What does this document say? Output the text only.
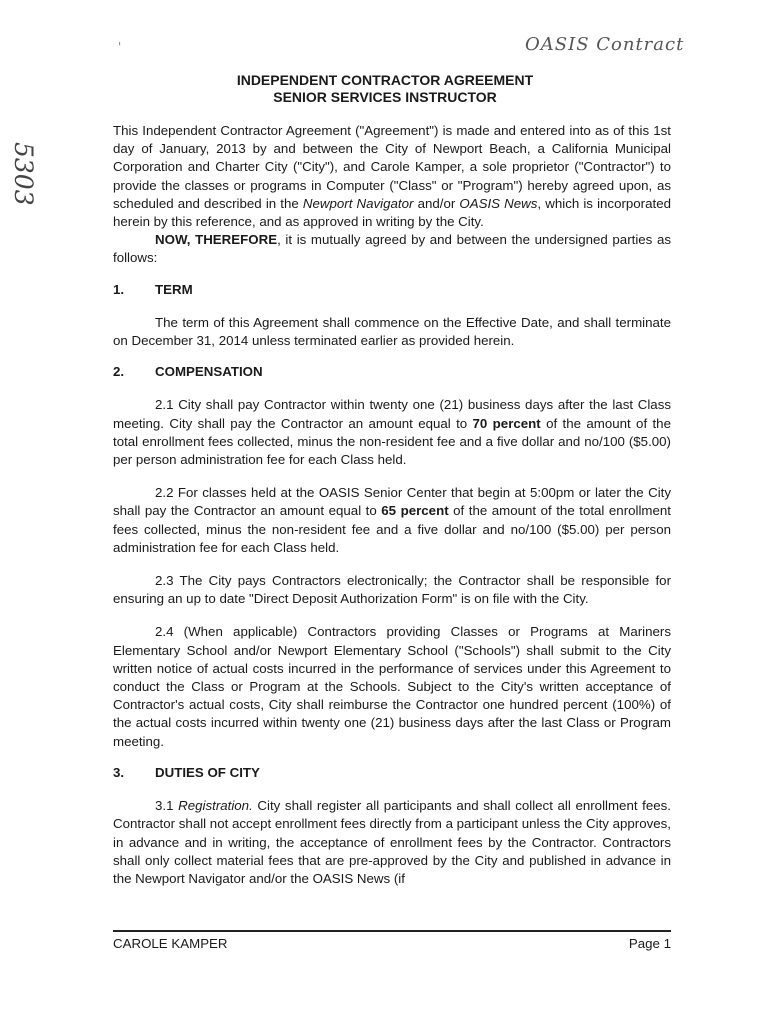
'	OASIS Contract
5303
INDEPENDENT CONTRACTOR AGREEMENT
SENIOR SERVICES INSTRUCTOR

This Independent Contractor Agreement ("Agreement") is made and entered into as of this 1st day of January, 2013 by and between the City of Newport Beach, a California Municipal Corporation and Charter City ("City"), and Carole Kamper, a sole proprietor ("Contractor") to provide the classes or programs in Computer ("Class" or "Program") hereby agreed upon, as scheduled and described in the Newport Navigator and/or OASIS News, which is incorporated herein by this reference, and as approved in writing by the City.

NOW, THEREFORE, it is mutually agreed by and between the undersigned parties as follows:

1.	TERM

The term of this Agreement shall commence on the Effective Date, and shall terminate on December 31, 2014 unless terminated earlier as provided herein.

2.	COMPENSATION

2.1 City shall pay Contractor within twenty one (21) business days after the last Class meeting. City shall pay the Contractor an amount equal to 70 percent of the amount of the total enrollment fees collected, minus the non-resident fee and a five dollar and no/100 ($5.00) per person administration fee for each Class held.

2.2 For classes held at the OASIS Senior Center that begin at 5:00pm or later the City shall pay the Contractor an amount equal to 65 percent of the amount of the total enrollment fees collected, minus the non-resident fee and a five dollar and no/100 ($5.00) per person administration fee for each Class held.

2.3 The City pays Contractors electronically; the Contractor shall be responsible for ensuring an up to date "Direct Deposit Authorization Form" is on file with the City.

2.4 (When applicable) Contractors providing Classes or Programs at Mariners Elementary School and/or Newport Elementary School ("Schools") shall submit to the City written notice of actual costs incurred in the performance of services under this Agreement to conduct the Class or Program at the Schools. Subject to the City's written acceptance of Contractor's actual costs, City shall reimburse the Contractor one hundred percent (100%) of the actual costs incurred within twenty one (21) business days after the last Class or Program meeting.

3.	DUTIES OF CITY

3.1 Registration. City shall register all participants and shall collect all enrollment fees. Contractor shall not accept enrollment fees directly from a participant unless the City approves, in advance and in writing, the acceptance of enrollment fees by the Contractor. Contractors shall only collect material fees that are pre-approved by the City and published in advance in the Newport Navigator and/or the OASIS News (if

CAROLE KAMPER	Page 1
